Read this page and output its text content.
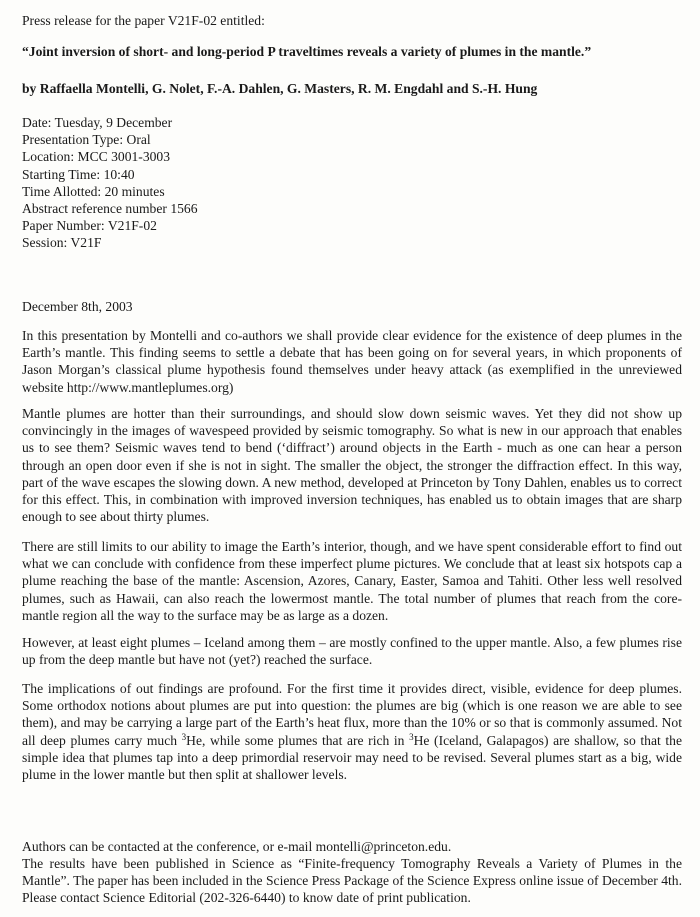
Press release for the paper V21F-02 entitled:

“Joint inversion of short- and long-period P traveltimes reveals a variety of plumes in the mantle.”

by Raffaella Montelli, G. Nolet, F.-A. Dahlen, G. Masters, R. M. Engdahl and S.-H. Hung

Date: Tuesday, 9 December
Presentation Type: Oral
Location: MCC 3001-3003
Starting Time: 10:40
Time Allotted: 20 minutes
Abstract reference number 1566
Paper Number: V21F-02
Session: V21F

December 8th, 2003

In this presentation by Montelli and co-authors we shall provide clear evidence for the existence of deep plumes in the Earth’s mantle. This finding seems to settle a debate that has been going on for several years, in which proponents of Jason Morgan’s classical plume hypothesis found themselves under heavy attack (as exemplified in the unreviewed website http://www.mantleplumes.org)

Mantle plumes are hotter than their surroundings, and should slow down seismic waves. Yet they did not show up convincingly in the images of wavespeed provided by seismic tomography. So what is new in our approach that enables us to see them? Seismic waves tend to bend (‘diffract’) around objects in the Earth - much as one can hear a person through an open door even if she is not in sight. The smaller the object, the stronger the diffraction effect. In this way, part of the wave escapes the slowing down. A new method, developed at Princeton by Tony Dahlen, enables us to correct for this effect. This, in combination with improved inversion techniques, has enabled us to obtain images that are sharp enough to see about thirty plumes.

There are still limits to our ability to image the Earth’s interior, though, and we have spent considerable effort to find out what we can conclude with confidence from these imperfect plume pictures. We conclude that at least six hotspots cap a plume reaching the base of the mantle: Ascension, Azores, Canary, Easter, Samoa and Tahiti. Other less well resolved plumes, such as Hawaii, can also reach the lowermost mantle. The total number of plumes that reach from the core-mantle region all the way to the surface may be as large as a dozen.

However, at least eight plumes – Iceland among them – are mostly confined to the upper mantle. Also, a few plumes rise up from the deep mantle but have not (yet?) reached the surface.

The implications of out findings are profound. For the first time it provides direct, visible, evidence for deep plumes. Some orthodox notions about plumes are put into question: the plumes are big (which is one reason we are able to see them), and may be carrying a large part of the Earth’s heat flux, more than the 10% or so that is commonly assumed. Not all deep plumes carry much $^3$He, while some plumes that are rich in $^3$He (Iceland, Galapagos) are shallow, so that the simple idea that plumes tap into a deep primordial reservoir may need to be revised. Several plumes start as a big, wide plume in the lower mantle but then split at shallower levels.

Authors can be contacted at the conference, or e-mail montelli@princeton.edu.

The results have been published in Science as “Finite-frequency Tomography Reveals a Variety of Plumes in the Mantle”. The paper has been included in the Science Press Package of the Science Express online issue of December 4th. Please contact Science Editorial (202-326-6440) to know date of print publication.
